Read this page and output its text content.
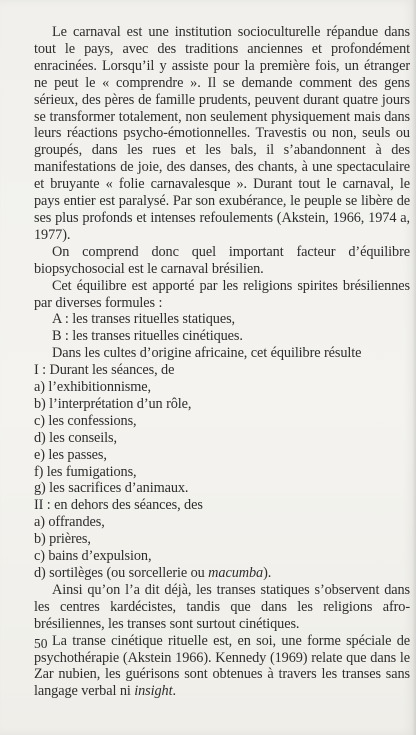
Le carnaval est une institution socioculturelle répandue dans tout le pays, avec des traditions anciennes et profondément enracinées. Lorsqu’il y assiste pour la première fois, un étranger ne peut le « comprendre ». Il se demande comment des gens sérieux, des pères de famille prudents, peuvent durant quatre jours se transformer totalement, non seulement physiquement mais dans leurs réactions psycho-émotionnelles. Travestis ou non, seuls ou groupés, dans les rues et les bals, il s’abandonnent à des manifestations de joie, des danses, des chants, à une spectaculaire et bruyante « folie carnavalesque ». Durant tout le carnaval, le pays entier est paralysé. Par son exubérance, le peuple se libère de ses plus profonds et intenses refoulements (Akstein, 1966, 1974 a, 1977).

On comprend donc quel important facteur d’équilibre biopsychosocial est le carnaval brésilien.

Cet équilibre est apporté par les religions spirites brésiliennes par diverses formules :

A : les transes rituelles statiques,
B : les transes rituelles cinétiques.
Dans les cultes d’origine africaine, cet équilibre résulte
I : Durant les séances, de
a) l’exhibitionnisme,
b) l’interprétation d’un rôle,
c) les confessions,
d) les conseils,
e) les passes,
f) les fumigations,
g) les sacrifices d’animaux.
II : en dehors des séances, des
a) offrandes,
b) prières,
c) bains d’expulsion,
d) sortilèges (ou sorcellerie ou macumba).

Ainsi qu’on l’a dit déjà, les transes statiques s’observent dans les centres kardécistes, tandis que dans les religions afro-brésiliennes, les transes sont surtout cinétiques.

La transe cinétique rituelle est, en soi, une forme spéciale de psychothérapie (Akstein 1966). Kennedy (1969) relate que dans le Zar nubien, les guérisons sont obtenues à travers les transes sans langage verbal ni insight.

50
